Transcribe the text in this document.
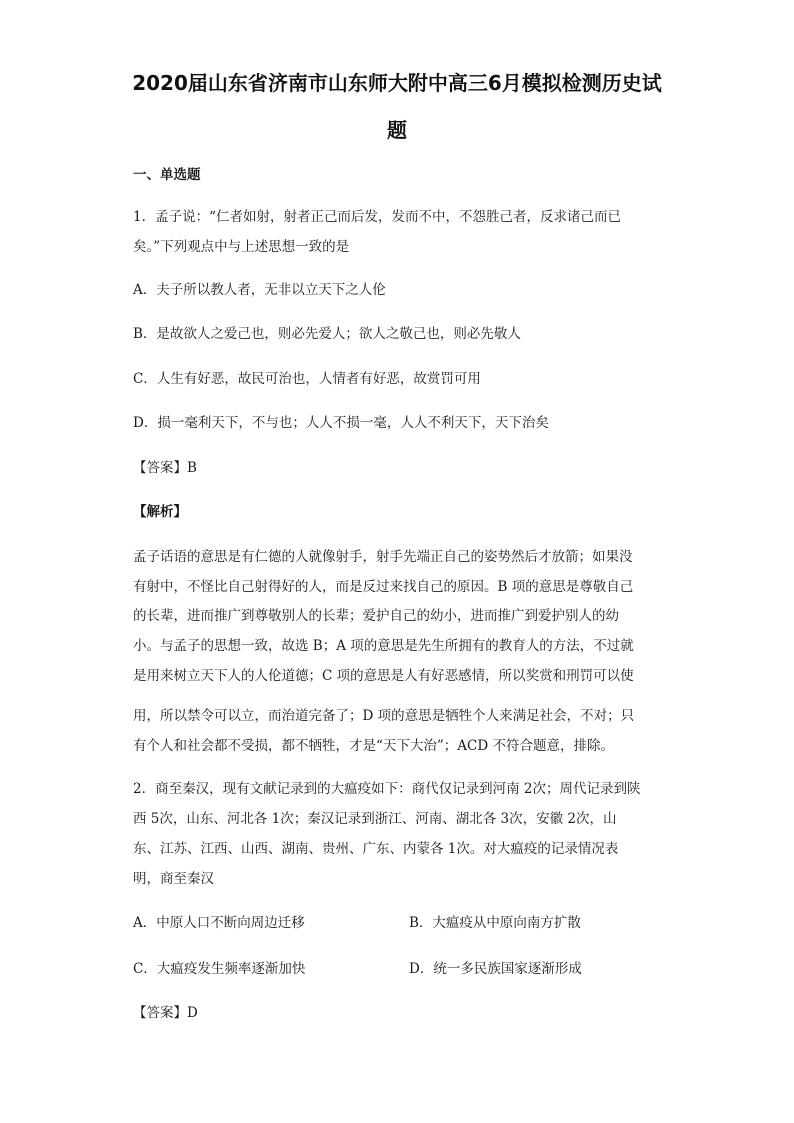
2020届山东省济南市山东师大附中高三6月模拟检测历史试
题
一、单选题
1．孟子说：“仁者如射，射者正己而后发，发而不中，不怨胜己者，反求诸己而已
矣。”下列观点中与上述思想一致的是
A．夫子所以教人者，无非以立天下之人伦
B．是故欲人之爱己也，则必先爱人；欲人之敬己也，则必先敬人
C．人生有好恶，故民可治也，人情者有好恶，故赏罚可用
D．损一毫利天下，不与也；人人不损一毫，人人不利天下，天下治矣
【答案】B
【解析】
孟子话语的意思是有仁德的人就像射手，射手先端正自己的姿势然后才放箭；如果没
有射中，不怪比自己射得好的人，而是反过来找自己的原因。B 项的意思是尊敬自己
的长辈，进而推广到尊敬别人的长辈；爱护自己的幼小，进而推广到爱护别人的幼
小。与孟子的思想一致，故选 B；A 项的意思是先生所拥有的教育人的方法，不过就
是用来树立天下人的人伦道德；C 项的意思是人有好恶感情，所以奖赏和刑罚可以使
用，所以禁令可以立，而治道完备了；D 项的意思是牺牲个人来满足社会，不对；只
有个人和社会都不受损，都不牺牲，才是“天下大治”；ACD 不符合题意，排除。
2．商至秦汉，现有文献记录到的大瘟疫如下：商代仅记录到河南 2次；周代记录到陕
西 5次，山东、河北各 1次；秦汉记录到浙江、河南、湖北各 3次，安徽 2次，山
东、江苏、江西、山西、湖南、贵州、广东、内蒙各 1次。对大瘟疫的记录情况表
明，商至秦汉
A．中原人口不断向周边迁移	B．大瘟疫从中原向南方扩散
C．大瘟疫发生频率逐渐加快	D．统一多民族国家逐渐形成
【答案】D
